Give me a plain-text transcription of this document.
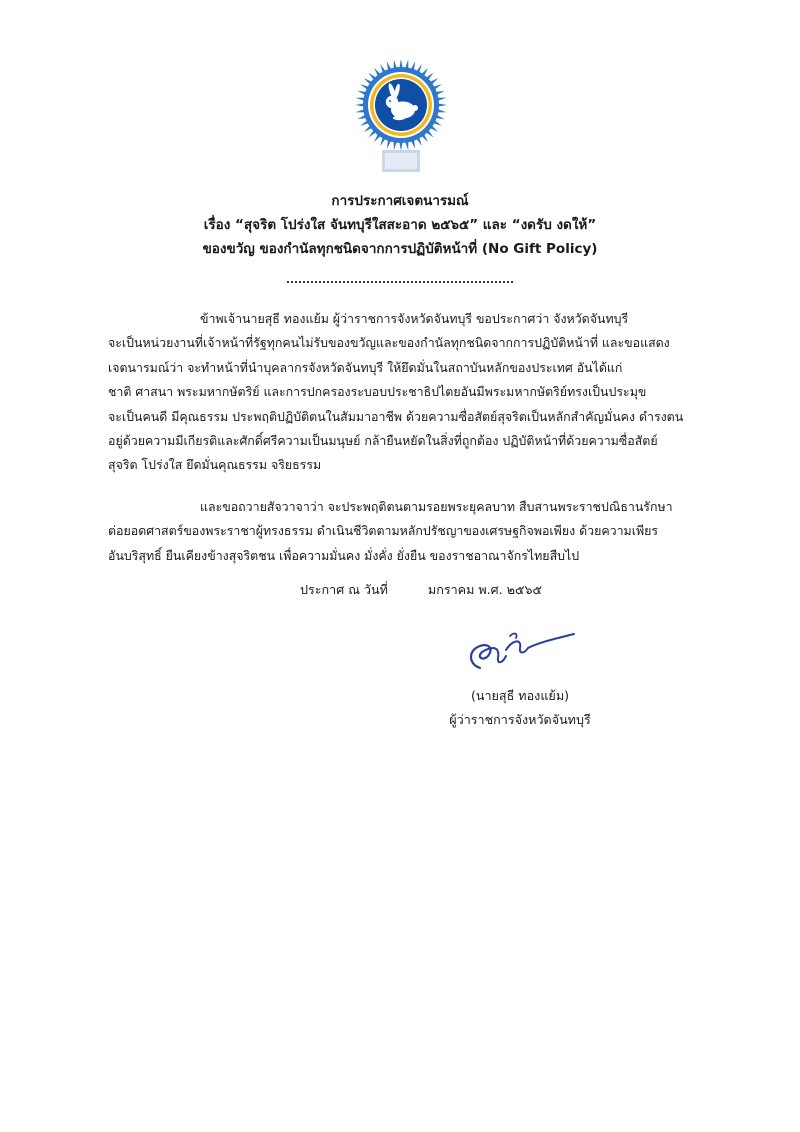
การประกาศเจตนารมณ์
เรื่อง “สุจริต โปร่งใส จันทบุรีใสสะอาด ๒๕๖๕” และ “งดรับ งดให้”
ของขวัญ ของกำนัลทุกชนิดจากการปฏิบัติหน้าที่ (No Gift Policy)

ข้าพเจ้านายสุธี ทองแย้ม ผู้ว่าราชการจังหวัดจันทบุรี ขอประกาศว่า จังหวัดจันทบุรี
จะเป็นหน่วยงานที่เจ้าหน้าที่รัฐทุกคนไม่รับของขวัญและของกำนัลทุกชนิดจากการปฏิบัติหน้าที่ และขอแสดง
เจตนารมณ์ว่า จะทำหน้าที่นำบุคลากรจังหวัดจันทบุรี ให้ยึดมั่นในสถาบันหลักของประเทศ อันได้แก่
ชาติ ศาสนา พระมหากษัตริย์ และการปกครองระบอบประชาธิปไตยอันมีพระมหากษัตริย์ทรงเป็นประมุข
จะเป็นคนดี มีคุณธรรม ประพฤติปฏิบัติตนในสัมมาอาชีพ ด้วยความซื่อสัตย์สุจริตเป็นหลักสำคัญมั่นคง ดำรงตน
อยู่ด้วยความมีเกียรติและศักดิ์ศรีความเป็นมนุษย์ กล้ายืนหยัดในสิ่งที่ถูกต้อง ปฏิบัติหน้าที่ด้วยความซื่อสัตย์
สุจริต โปร่งใส ยึดมั่นคุณธรรม จริยธรรม

และขอถวายสัจวาจาว่า จะประพฤติตนตามรอยพระยุคลบาท สืบสานพระราชปณิธานรักษา
ต่อยอดศาสตร์ของพระราชาผู้ทรงธรรม ดำเนินชีวิตตามหลักปรัชญาของเศรษฐกิจพอเพียง ด้วยความเพียร
อันบริสุทธิ์ ยืนเคียงข้างสุจริตชน เพื่อความมั่นคง มั่งคั่ง ยั่งยืน ของราชอาณาจักรไทยสืบไป

ประกาศ ณ วันที่	มกราคม พ.ศ. ๒๕๖๕
(นายสุธี ทองแย้ม)
ผู้ว่าราชการจังหวัดจันทบุรี
